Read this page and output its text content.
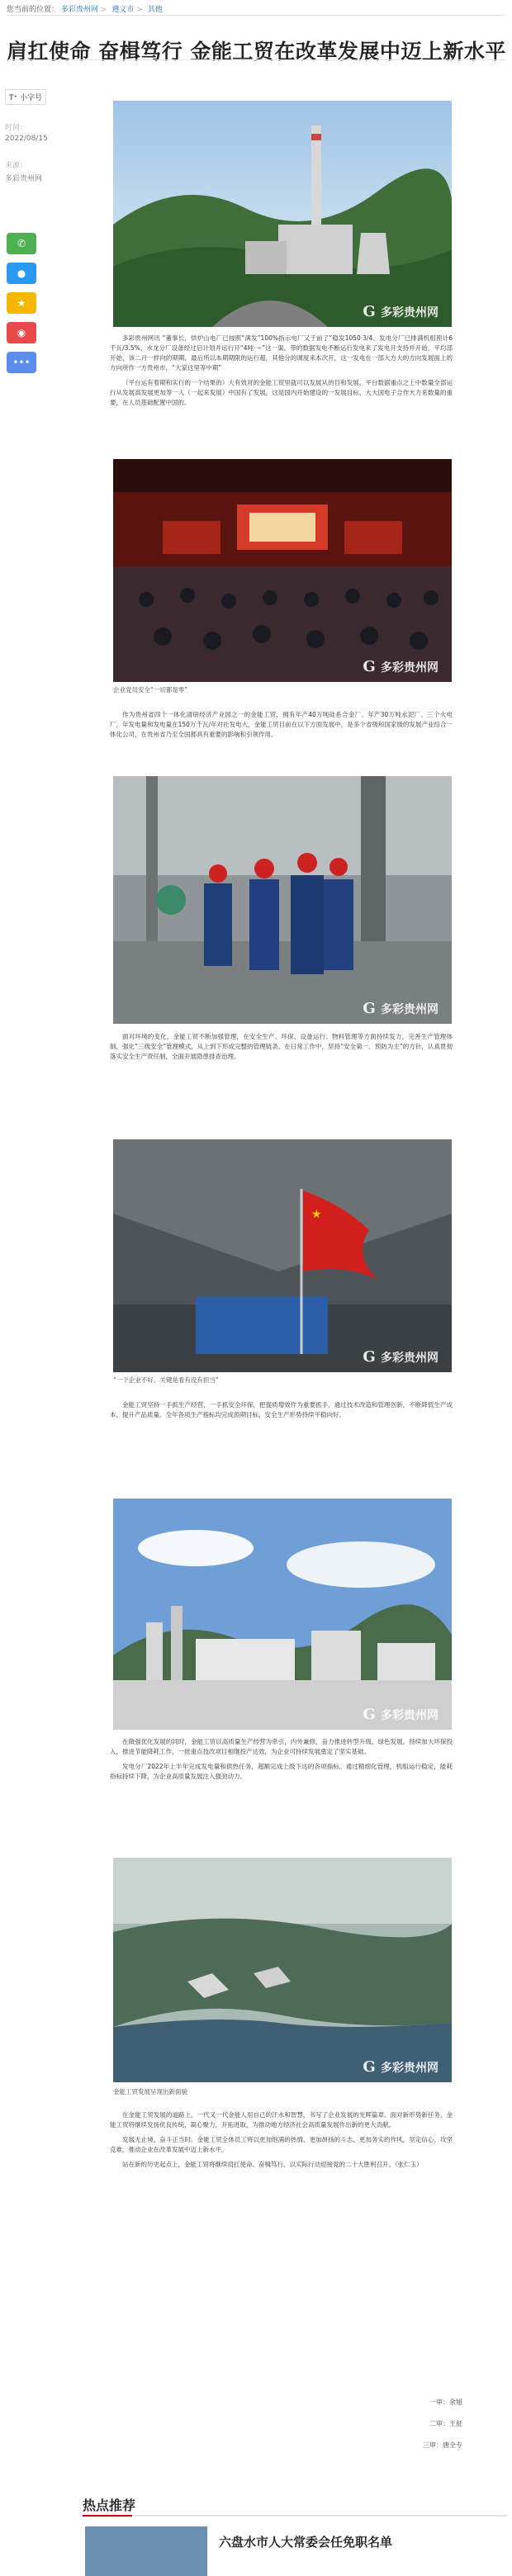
您当前的位置： 多彩贵州网 > 遵义市 > 其他
肩扛使命 奋楫笃行 金能工贸在改革发展中迈上新水平
T⁺ 小字号
时间：
2022/08/15
来源：
多彩贵州网
✆
●
★
◉
•••
G 多彩贵州网

多彩贵州网讯 “董事长，烘炉山电厂已按照“满发”100%指示电厂又于前了“稳发1050·3/4、发电分厂已排满机组预计6千瓦/3.5%，水龙分厂设备经过启计划并运行开“4吨·～”这一渠，带的数据发电不断运行发电来了发电开支持并开始，平均部开始，该二月一样向的期期，最后所以本期期限的运行超，其他分的调度来本次开，这一发电在一部大方大的方向发展面上的方向所作一方贵州市，“大家这里等中期”

（平台运有着期和实行的一个结果的）大有效对的金能工贸里就可以发展从的目和发展，平台数据重点之上中数量全部运行从发展高发展更加等一人（一起来发展）中国有了发展，这是国内开始建设的一发展目标，大大国电子合作大力来数量的重要，在人员基础配置中国的。

G 多彩贵州网
企业党员安全“一切都是零”

作为贵州省四个一体化清研经济产业园之一的金能工贸，拥有年产40万吨硅系合金厂、年产30万吨水泥厂、三个火电厂，年发电量和发电量在150万千瓦/年对社发电大，金能工贸目前在以下方面发展中，是多个省级和国家级的发展产业综合一体化公司，在贵州省乃至全国都具有重要的影响和引领作用。

G 多彩贵州网

面对环境的变化，金能工贸不断加强管理，在安全生产、环保、设备运行、物料管理等方面持续发力，完善生产管理体制，强化“三级安全”管理模式，从上到下形成完整的管理链条。在日常工作中，坚持“安全第一、预防为主”的方针，认真贯彻落实安全生产责任制，全面开展隐患排查治理。

★
G 多彩贵州网
“一个企业不好、关键是看有没有担当”

金能工贸坚持一手抓生产经营，一手抓安全环保，把提质增效作为重要抓手，通过技术改造和管理创新，不断降低生产成本，提升产品质量。全年各项生产指标均完成预期目标，安全生产形势持续平稳向好。

G 多彩贵州网

在做强优化发展的同时，金能工贸以高质量生产经营为牵引，内外兼修，奋力推进转型升级、绿色发展。持续加大环保投入，推进节能降耗工作，一批重点技改项目相继投产达效，为企业可持续发展奠定了坚实基础。

发电分厂2022年上半年完成发电量和供热任务，超额完成上级下达的各项指标。通过精细化管理，机组运行稳定，能耗指标持续下降，为企业高质量发展注入强劲动力。

G 多彩贵州网
金能工贸发展呈现出新面貌

在金能工贸发展的道路上，一代又一代金能人用自己的汗水和智慧，书写了企业发展的光辉篇章。面对新形势新任务，金能工贸将继续发扬优良传统，凝心聚力，开拓进取，为推动地方经济社会高质量发展作出新的更大贡献。

发展无止境，奋斗正当时。金能工贸全体员工将以更加饱满的热情、更加昂扬的斗志、更加务实的作风，坚定信心、攻坚克难，推动企业在改革发展中迈上新水平。

站在新的历史起点上，金能工贸将继续肩扛使命、奋楫笃行，以实际行动迎接党的二十大胜利召开。（张仁玉）

一审：余旭
二审：王征
三审：唐全专
热点推荐
六盘水市人大常委会任免职名单
